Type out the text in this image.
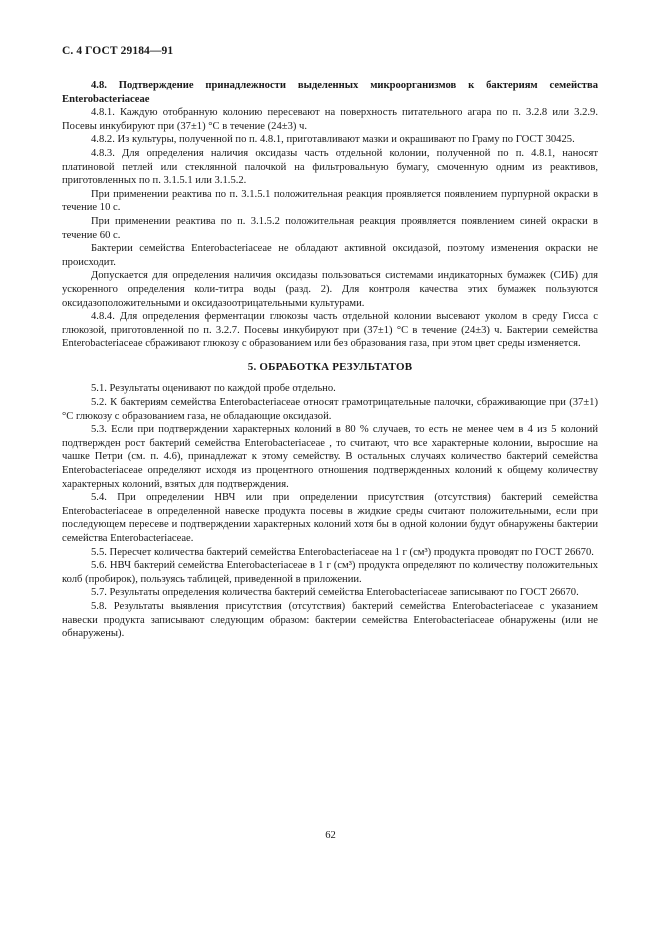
С. 4 ГОСТ 29184—91

4.8. Подтверждение принадлежности выделенных микроорганизмов к бактериям семейства Enterobacteriaceae

4.8.1. Каждую отобранную колонию пересевают на поверхность питательного агара по п. 3.2.8 или 3.2.9. Посевы инкубируют при (37±1) °С в течение (24±3) ч.

4.8.2. Из культуры, полученной по п. 4.8.1, приготавливают мазки и окрашивают по Граму по ГОСТ 30425.

4.8.3. Для определения наличия оксидазы часть отдельной колонии, полученной по п. 4.8.1, наносят платиновой петлей или стеклянной палочкой на фильтровальную бумагу, смоченную одним из реактивов, приготовленных по п. 3.1.5.1 или 3.1.5.2.

При применении реактива по п. 3.1.5.1 положительная реакция проявляется появлением пурпурной окраски в течение 10 с.

При применении реактива по п. 3.1.5.2 положительная реакция проявляется появлением синей окраски в течение 60 с.

Бактерии семейства Enterobacteriaceae не обладают активной оксидазой, поэтому изменения окраски не происходит.

Допускается для определения наличия оксидазы пользоваться системами индикаторных бумажек (СИБ) для ускоренного определения коли-титра воды (разд. 2). Для контроля качества этих бумажек пользуются оксидазоположительными и оксидазоотрицательными культурами.

4.8.4. Для определения ферментации глюкозы часть отдельной колонии высевают уколом в среду Гисса с глюкозой, приготовленной по п. 3.2.7. Посевы инкубируют при (37±1) °С в течение (24±3) ч. Бактерии семейства Enterobacteriaceae сбраживают глюкозу с образованием или без образования газа, при этом цвет среды изменяется.

5. ОБРАБОТКА РЕЗУЛЬТАТОВ

5.1. Результаты оценивают по каждой пробе отдельно.

5.2. К бактериям семейства Enterobacteriaceae относят грамотрицательные палочки, сбраживающие при (37±1) °С глюкозу с образованием газа, не обладающие оксидазой.

5.3. Если при подтверждении характерных колоний в 80 % случаев, то есть не менее чем в 4 из 5 колоний подтвержден рост бактерий семейства Enterobacteriaceae , то считают, что все характерные колонии, выросшие на чашке Петри (см. п. 4.6), принадлежат к этому семейству. В остальных случаях количество бактерий семейства Enterobacteriaceae определяют исходя из процентного отношения подтвержденных колоний к общему количеству характерных колоний, взятых для подтверждения.

5.4. При определении НВЧ или при определении присутствия (отсутствия) бактерий семейства Enterobacteriaceae в определенной навеске продукта посевы в жидкие среды считают положительными, если при последующем пересеве и подтверждении характерных колоний хотя бы в одной колонии будут обнаружены бактерии семейства Enterobacteriaceae.

5.5. Пересчет количества бактерий семейства Enterobacteriaceae на 1 г (см³) продукта проводят по ГОСТ 26670.

5.6. НВЧ бактерий семейства Enterobacteriaceae в 1 г (см³) продукта определяют по количеству положительных колб (пробирок), пользуясь таблицей, приведенной в приложении.

5.7. Результаты определения количества бактерий семейства Enterobacteriaceae записывают по ГОСТ 26670.

5.8. Результаты выявления присутствия (отсутствия) бактерий семейства Enterobacteriaceae с указанием навески продукта записывают следующим образом: бактерии семейства Enterobacteriaceae обнаружены (или не обнаружены).

62
